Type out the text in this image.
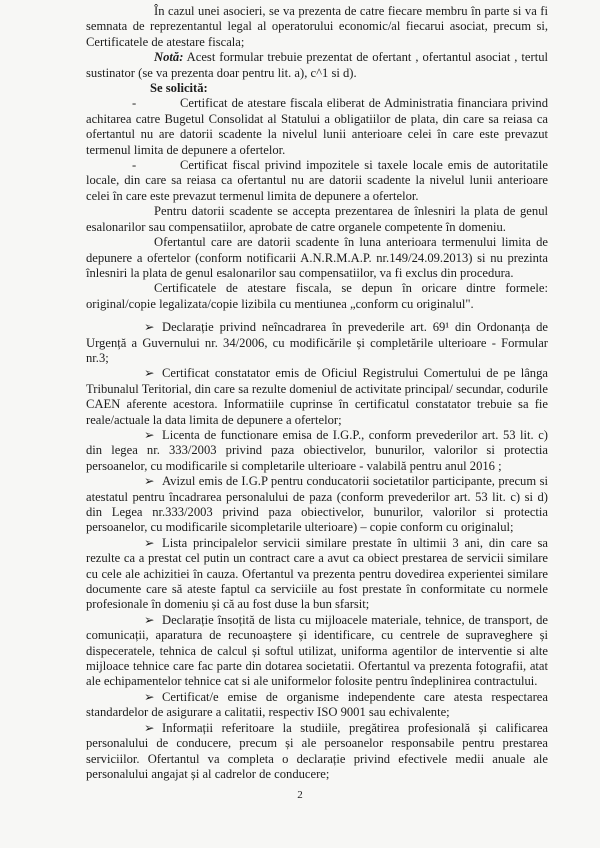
În cazul unei asocieri, se va prezenta de catre fiecare membru în parte si va fi semnata de reprezentantul legal al operatorului economic/al fiecarui asociat, precum si, Certificatele de atestare fiscala;

Notă: Acest formular trebuie prezentat de ofertant , ofertantul asociat , tertul sustinator (se va prezenta doar pentru lit. a), c^1 si d).

Se solicită:

-	Certificat de atestare fiscala eliberat de Administratia financiara privind achitarea catre Bugetul Consolidat al Statului a obligatiilor de plata, din care sa reiasa ca ofertantul nu are datorii scadente la nivelul lunii anterioare celei în care este prevazut termenul limita de depunere a ofertelor.

-	Certificat fiscal privind impozitele si taxele locale emis de autoritatile locale, din care sa reiasa ca ofertantul nu are datorii scadente la nivelul lunii anterioare celei în care este prevazut termenul limita de depunere a ofertelor.

Pentru datorii scadente se accepta prezentarea de înlesniri la plata de genul esalonarilor sau compensatiilor, aprobate de catre organele competente în domeniu.

Ofertantul care are datorii scadente în luna anterioara termenului limita de depunere a ofertelor (conform notificarii A.N.R.M.A.P. nr.149/24.09.2013) si nu prezinta înlesniri la plata de genul esalonarilor sau compensatiilor, va fi exclus din procedura.

Certificatele de atestare fiscala, se depun în oricare dintre formele: original/copie legalizata/copie lizibila cu mentiunea „conform cu originalul".

➢ Declarație privind neîncadrarea în prevederile art. 69¹ din Ordonanța de Urgență a Guvernului nr. 34/2006, cu modificările și completările ulterioare - Formular nr.3;

➢ Certificat constatator emis de Oficiul Registrului Comertului de pe lânga Tribunalul Teritorial, din care sa rezulte domeniul de activitate principal/ secundar, codurile CAEN aferente acestora. Informatiile cuprinse în certificatul constatator trebuie sa fie reale/actuale la data limita de depunere a ofertelor;

➢ Licenta de functionare emisa de I.G.P., conform prevederilor art. 53 lit. c) din legea nr. 333/2003 privind paza obiectivelor, bunurilor, valorilor si protectia persoanelor, cu modificarile si completarile ulterioare - valabilă pentru anul 2016 ;

➢ Avizul emis de I.G.P pentru conducatorii societatilor participante, precum si atestatul pentru încadrarea personalului de paza (conform prevederilor art. 53 lit. c) si d) din Legea nr.333/2003 privind paza obiectivelor, bunurilor, valorilor si protectia persoanelor, cu modificarile sicompletarile ulterioare) – copie conform cu originalul;

➢ Lista principalelor servicii similare prestate în ultimii 3 ani, din care sa rezulte ca a prestat cel putin un contract care a avut ca obiect prestarea de servicii similare cu cele ale achizitiei în cauza. Ofertantul va prezenta pentru dovedirea experientei similare documente care să ateste faptul ca serviciile au fost prestate în conformitate cu normele profesionale în domeniu și că au fost duse la bun sfarsit;

➢ Declarație însoțită de lista cu mijloacele materiale, tehnice, de transport, de comunicații, aparatura de recunoaștere și identificare, cu centrele de supraveghere și dispeceratele, tehnica de calcul și softul utilizat, uniforma agentilor de interventie si alte mijloace tehnice care fac parte din dotarea societatii. Ofertantul va prezenta fotografii, atat ale echipamentelor tehnice cat si ale uniformelor folosite pentru îndeplinirea contractului.

➢ Certificat/e emise de organisme independente care atesta respectarea standardelor de asigurare a calitatii, respectiv ISO 9001 sau echivalente;

➢ Informații referitoare la studiile, pregătirea profesională și calificarea personalului de conducere, precum și ale persoanelor responsabile pentru prestarea serviciilor. Ofertantul va completa o declarație privind efectivele medii anuale ale personalului angajat și al cadrelor de conducere;

2
